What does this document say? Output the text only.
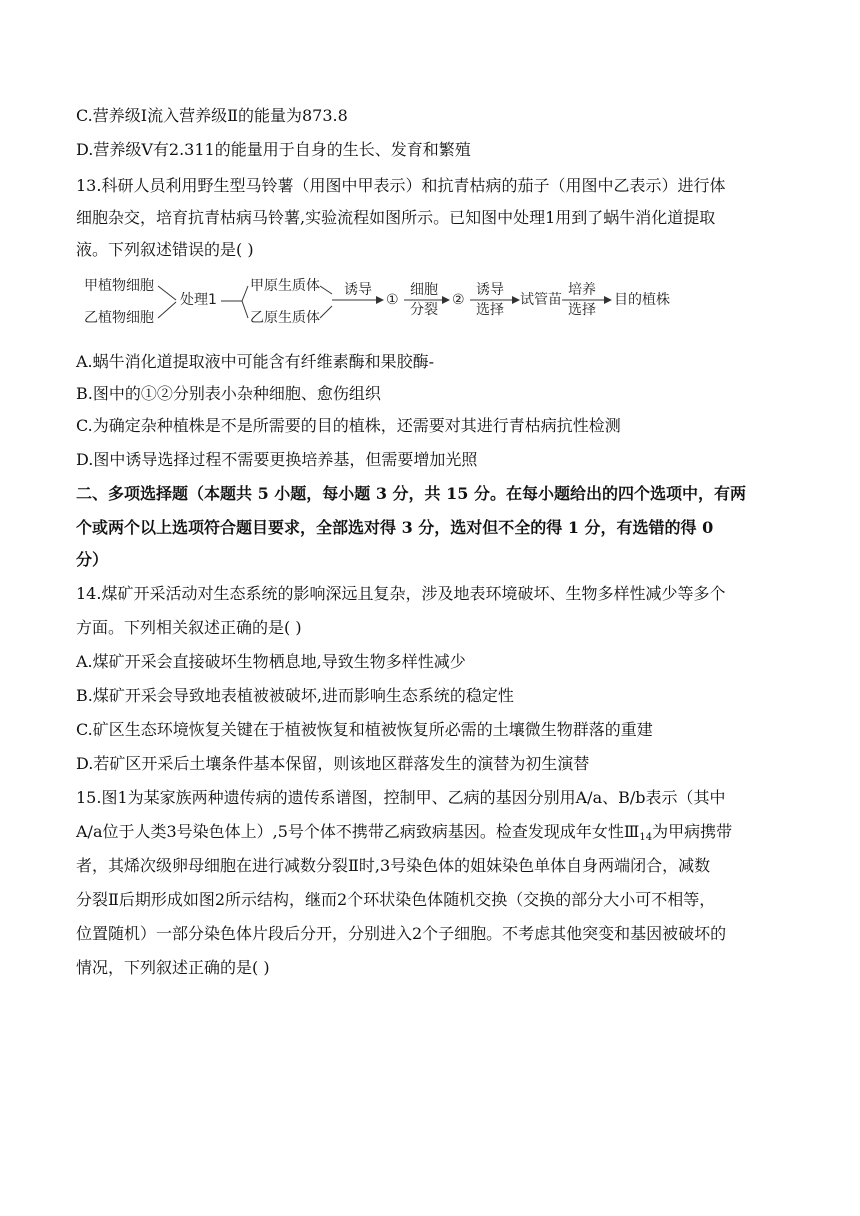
C.营养级Ⅰ流入营养级Ⅱ的能量为873.8
D.营养级Ⅴ有2.311的能量用于自身的生长、发育和繁殖
13.科研人员利用野生型马铃薯（用图中甲表示）和抗青枯病的茄子（用图中乙表示）进行体
细胞杂交，培育抗青枯病马铃薯,实验流程如图所示。已知图中处理1用到了蜗牛消化道提取
液。下列叙述错误的是( )
甲植物细胞
乙植物细胞
处理1
甲原生质体
乙原生质体
诱导
①
细胞
分裂
②
诱导
选择
试管苗
培养
选择
目的植株
A.蜗牛消化道提取液中可能含有纤维素酶和果胶酶-
B.图中的①②分别表小杂种细胞、愈伤组织
C.为确定杂种植株是不是所需要的目的植株，还需要对其进行青枯病抗性检测
D.图中诱导选择过程不需要更换培养基，但需要增加光照
二、多项选择题（本题共 5 小题，每小题 3 分，共 15 分。在每小题给出的四个选项中，有两
个或两个以上选项符合题目要求，全部选对得 3 分，选对但不全的得 1 分，有选错的得 0
分）
14.煤矿开采活动对生态系统的影响深远且复杂，涉及地表环境破坏、生物多样性减少等多个
方面。下列相关叙述正确的是( )
A.煤矿开采会直接破坏生物栖息地,导致生物多样性减少
B.煤矿开采会导致地表植被被破坏,进而影响生态系统的稳定性
C.矿区生态环境恢复关键在于植被恢复和植被恢复所必需的土壤微生物群落的重建
D.若矿区开采后土壤条件基本保留，则该地区群落发生的演替为初生演替
15.图1为某家族两种遗传病的遗传系谱图，控制甲、乙病的基因分别用A/a、B/b表示（其中
A/a位于人类3号染色体上）,5号个体不携带乙病致病基因。检查发现成年女性Ⅲ14为甲病携带
者，其烯次级卵母细胞在进行减数分裂Ⅱ时,3号染色体的姐妹染色单体自身两端闭合，减数
分裂Ⅱ后期形成如图2所示结构，继而2个环状染色体随机交换（交换的部分大小可不相等，
位置随机）一部分染色体片段后分开，分别进入2个子细胞。不考虑其他突变和基因被破坏的
情况，下列叙述正确的是( )
